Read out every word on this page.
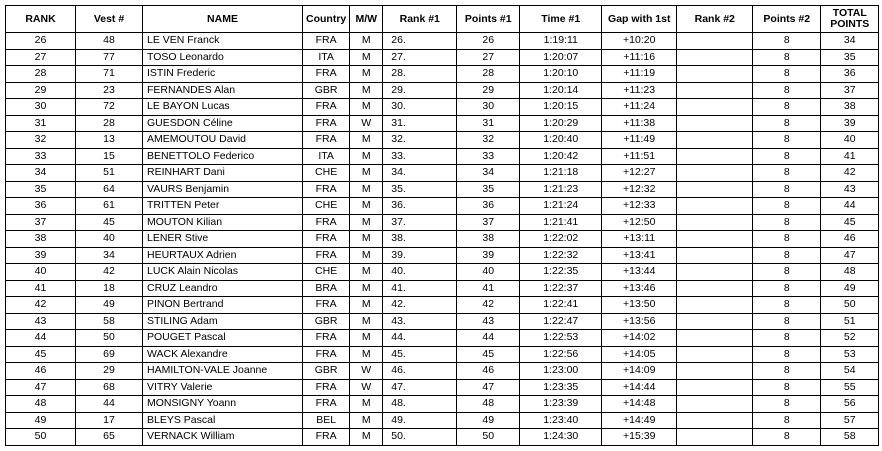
RANK	Vest #	NAME	Country	M/W	Rank #1	Points #1	Time #1	Gap with 1st	Rank #2	Points #2	TOTAL POINTS
26	48	LE VEN Franck	FRA	M	26.	26	1:19:11	+10:20		8	34
27	77	TOSO Leonardo	ITA	M	27.	27	1:20:07	+11:16		8	35
28	71	ISTIN Frederic	FRA	M	28.	28	1:20:10	+11:19		8	36
29	23	FERNANDES Alan	GBR	M	29.	29	1:20:14	+11:23		8	37
30	72	LE BAYON Lucas	FRA	M	30.	30	1:20:15	+11:24		8	38
31	28	GUESDON Céline	FRA	W	31.	31	1:20:29	+11:38		8	39
32	13	AMEMOUTOU David	FRA	M	32.	32	1:20:40	+11:49		8	40
33	15	BENETTOLO Federico	ITA	M	33.	33	1:20:42	+11:51		8	41
34	51	REINHART Dani	CHE	M	34.	34	1:21:18	+12:27		8	42
35	64	VAURS Benjamin	FRA	M	35.	35	1:21:23	+12:32		8	43
36	61	TRITTEN Peter	CHE	M	36.	36	1:21:24	+12:33		8	44
37	45	MOUTON Kilian	FRA	M	37.	37	1:21:41	+12:50		8	45
38	40	LENER Stive	FRA	M	38.	38	1:22:02	+13:11		8	46
39	34	HEURTAUX Adrien	FRA	M	39.	39	1:22:32	+13:41		8	47
40	42	LUCK Alain Nicolas	CHE	M	40.	40	1:22:35	+13:44		8	48
41	18	CRUZ Leandro	BRA	M	41.	41	1:22:37	+13:46		8	49
42	49	PINON Bertrand	FRA	M	42.	42	1:22:41	+13:50		8	50
43	58	STILING Adam	GBR	M	43.	43	1:22:47	+13:56		8	51
44	50	POUGET Pascal	FRA	M	44.	44	1:22:53	+14:02		8	52
45	69	WACK Alexandre	FRA	M	45.	45	1:22:56	+14:05		8	53
46	29	HAMILTON-VALE Joanne	GBR	W	46.	46	1:23:00	+14:09		8	54
47	68	VITRY Valerie	FRA	W	47.	47	1:23:35	+14:44		8	55
48	44	MONSIGNY Yoann	FRA	M	48.	48	1:23:39	+14:48		8	56
49	17	BLEYS Pascal	BEL	M	49.	49	1:23:40	+14:49		8	57
50	65	VERNACK William	FRA	M	50.	50	1:24:30	+15:39		8	58
